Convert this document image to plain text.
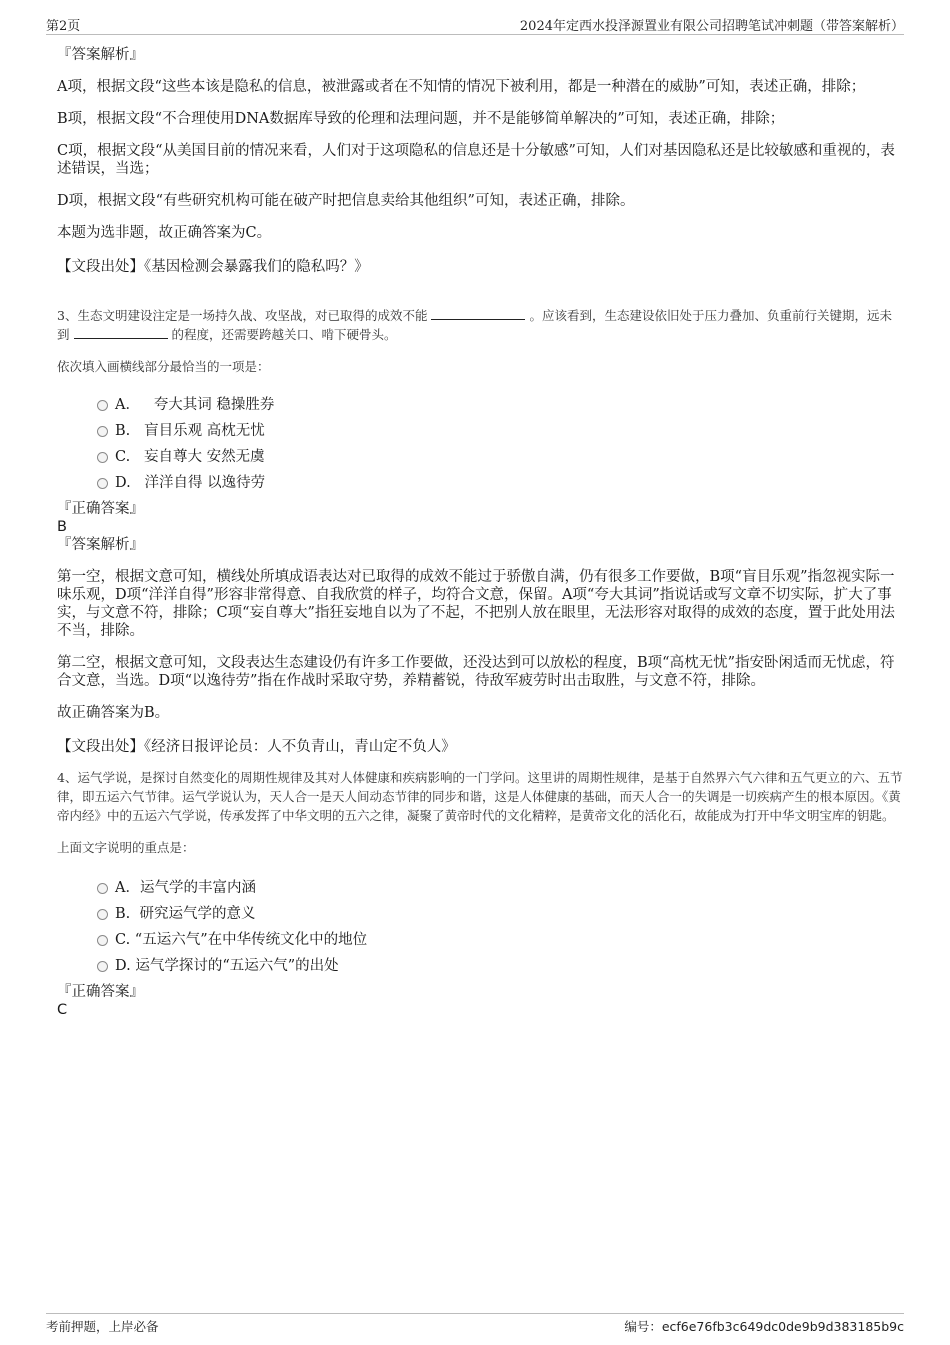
第2页	2024年定西水投泽源置业有限公司招聘笔试冲刺题（带答案解析）

『答案解析』

A项，根据文段“这些本该是隐私的信息，被泄露或者在不知情的情况下被利用，都是一种潜在的威胁”可知，表述正确，排除；

B项，根据文段“不合理使用DNA数据库导致的伦理和法理问题，并不是能够简单解决的”可知，表述正确，排除；

C项，根据文段“从美国目前的情况来看，人们对于这项隐私的信息还是十分敏感”可知，人们对基因隐私还是比较敏感和重视的，表述错误，当选；

D项，根据文段“有些研究机构可能在破产时把信息卖给其他组织”可知，表述正确，排除。

本题为选非题，故正确答案为C。

【文段出处】《基因检测会暴露我们的隐私吗？》

3、生态文明建设注定是一场持久战、攻坚战，对已取得的成效不能	。应该看到，生态建设依旧处于压力叠加、负重前行关键期，远未到	的程度，还需要跨越关口、啃下硬骨头。

依次填入画横线部分最恰当的一项是：

A． 夸大其词 稳操胜券
B. 盲目乐观 高枕无忧
C. 妄自尊大 安然无虞
D. 洋洋自得 以逸待劳

『正确答案』

B

『答案解析』

第一空，根据文意可知，横线处所填成语表达对已取得的成效不能过于骄傲自满，仍有很多工作要做，B项“盲目乐观”指忽视实际一味乐观，D项“洋洋自得”形容非常得意、自我欣赏的样子，均符合文意，保留。A项“夸大其词”指说话或写文章不切实际，扩大了事实，与文意不符，排除；C项“妄自尊大”指狂妄地自以为了不起，不把别人放在眼里，无法形容对取得的成效的态度，置于此处用法不当，排除。

第二空，根据文意可知，文段表达生态建设仍有许多工作要做，还没达到可以放松的程度，B项“高枕无忧”指安卧闲适而无忧虑，符合文意，当选。D项“以逸待劳”指在作战时采取守势，养精蓄锐，待敌军疲劳时出击取胜，与文意不符，排除。

故正确答案为B。

【文段出处】《经济日报评论员：人不负青山，青山定不负人》

4、运气学说，是探讨自然变化的周期性规律及其对人体健康和疾病影响的一门学问。这里讲的周期性规律，是基于自然界六气六律和五气更立的六、五节律，即五运六气节律。运气学说认为，天人合一是天人间动态节律的同步和谐，这是人体健康的基础，而天人合一的失调是一切疾病产生的根本原因。《黄帝内经》中的五运六气学说，传承发挥了中华文明的五六之律，凝聚了黄帝时代的文化精粹，是黄帝文化的活化石，故能成为打开中华文明宝库的钥匙。

上面文字说明的重点是：

A．运气学的丰富内涵
B. 研究运气学的意义
C. “五运六气”在中华传统文化中的地位
D. 运气学探讨的“五运六气”的出处

『正确答案』

C

考前押题，上岸必备	编号：ecf6e76fb3c649dc0de9b9d383185b9c
